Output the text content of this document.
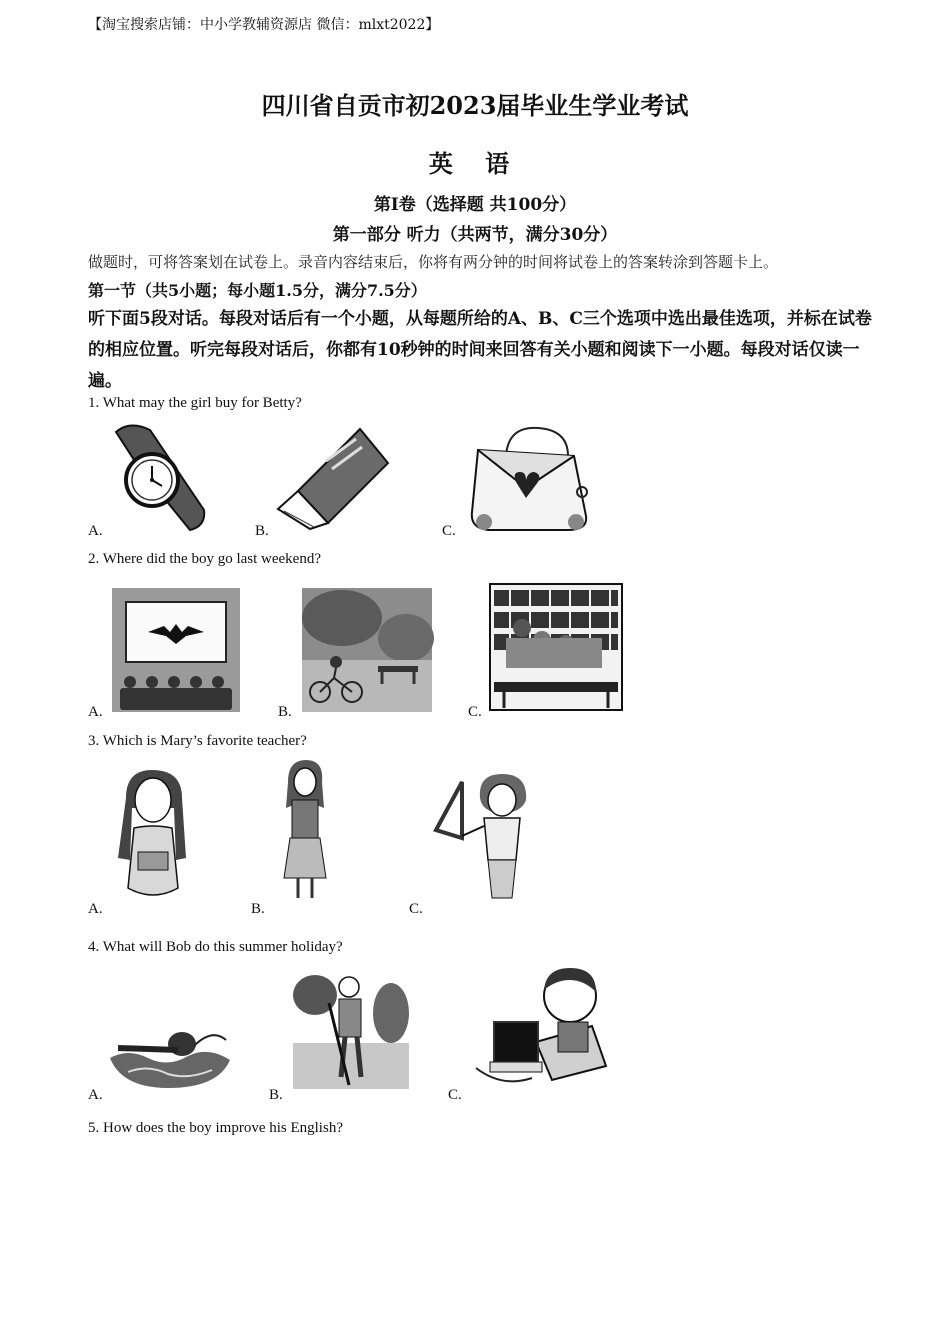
【淘宝搜索店铺：中小学教辅资源店 微信：mlxt2022】
四川省自贡市初2023届毕业生学业考试
英 语
第I卷（选择题 共100分）
第一部分 听力（共两节，满分30分）
做题时，可将答案划在试卷上。录音内容结束后，你将有两分钟的时间将试卷上的答案转涂到答题卡上。
第一节（共5小题；每小题1.5分，满分7.5分）
听下面5段对话。每段对话后有一个小题，从每题所给的A、B、C三个选项中选出最佳选项，并标在试卷的相应位置。听完每段对话后，你都有10秒钟的时间来回答有关小题和阅读下一小题。每段对话仅读一遍。
1. What may the girl buy for Betty?
A.	B.	C.
2. Where did the boy go last weekend?
A.	B.	C.
3. Which is Mary’s favorite teacher?
A.	B.	C.
4. What will Bob do this summer holiday?
A.	B.	C.
5. How does the boy improve his English?
